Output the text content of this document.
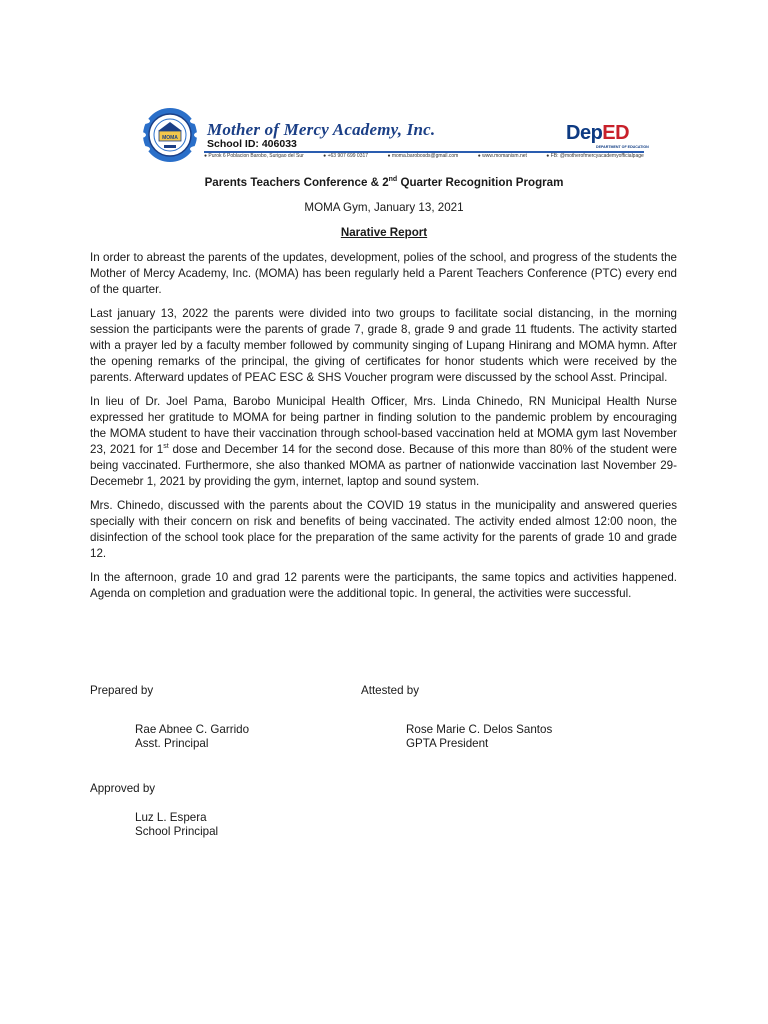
MOMA Mother of Mercy Academy, Inc.
School ID: 406033
● Purok 6 Poblacion Barobo, Surigao del Sur	● +63 907 699 0317	● moma.barobosds@gmail.com	● www.momanism.net	● FB: @motherofmercyacademyofficialpage
DepED
DEPARTMENT OF EDUCATION
Parents Teachers Conference & 2nd Quarter Recognition Program
MOMA Gym, January 13, 2021
Narative Report

In order to abreast the parents of the updates, development, polies of the school, and progress of the students the Mother of Mercy Academy, Inc. (MOMA) has been regularly held a Parent Teachers Conference (PTC) every end of the quarter.

Last january 13, 2022 the parents were divided into two groups to facilitate social distancing, in the morning session the participants were the parents of grade 7, grade 8, grade 9 and grade 11 ftudents. The activity started with a prayer led by a faculty member followed by community singing of Lupang Hinirang and MOMA hymn. After the opening remarks of the principal, the giving of certificates for honor students which were received by the parents. Afterward updates of PEAC ESC & SHS Voucher program were discussed by the school Asst. Principal.

In lieu of Dr. Joel Pama, Barobo Municipal Health Officer, Mrs. Linda Chinedo, RN Municipal Health Nurse expressed her gratitude to MOMA for being partner in finding solution to the pandemic problem by encouraging the MOMA student to have their vaccination through school-based vaccination held at MOMA gym last November 23, 2021 for 1st dose and December 14 for the second dose. Because of this more than 80% of the student were being vaccinated. Furthermore, she also thanked MOMA as partner of nationwide vaccination last November 29-Decemebr 1, 2021 by providing the gym, internet, laptop and sound system.

Mrs. Chinedo, discussed with the parents about the COVID 19 status in the municipality and answered queries specially with their concern on risk and benefits of being vaccinated. The activity ended almost 12:00 noon, the disinfection of the school took place for the preparation of the same activity for the parents of grade 10 and grade 12.

In the afternoon, grade 10 and grad 12 parents were the participants, the same topics and activities happened. Agenda on completion and graduation were the additional topic. In general, the activities were successful.

Prepared by	Attested by
Rae Abnee C. Garrido
Asst. Principal
Rose Marie C. Delos Santos
GPTA President
Approved by
Luz L. Espera
School Principal
